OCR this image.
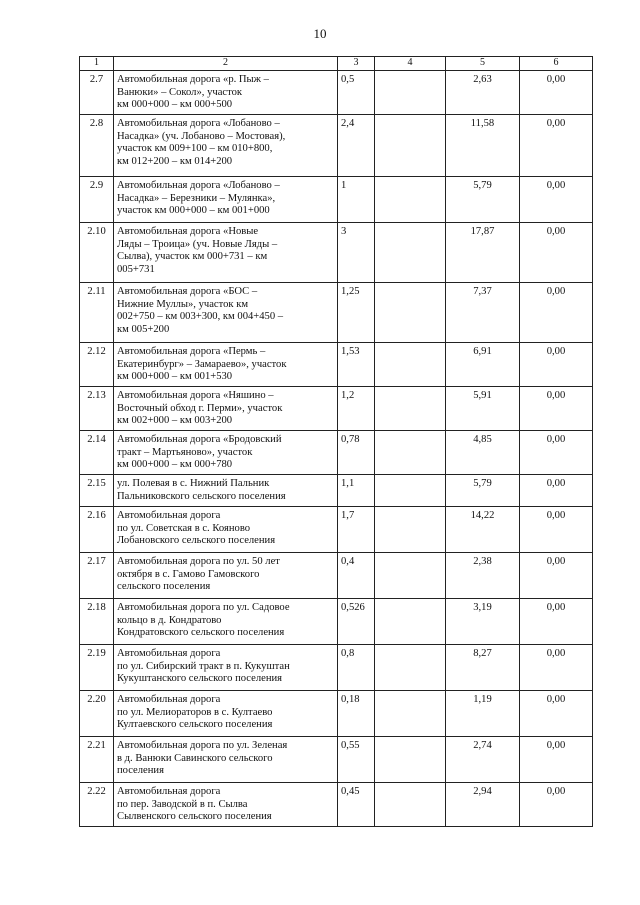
10
1	2	3	4	5	6
2.7	Автомобильная дорога «р. Пыж –
Ванюки» – Сокол», участок
км 000+000 – км 000+500	0,5		2,63	0,00
2.8	Автомобильная дорога «Лобаново –
Насадка» (уч. Лобаново – Мостовая),
участок км 009+100 – км 010+800,
км 012+200 – км 014+200	2,4		11,58	0,00
2.9	Автомобильная дорога «Лобаново –
Насадка» – Березники – Мулянка»,
участок км 000+000 – км 001+000	1		5,79	0,00
2.10	Автомобильная дорога «Новые
Ляды – Троица» (уч. Новые Ляды –
Сылва), участок км 000+731 – км
005+731	3		17,87	0,00
2.11	Автомобильная дорога «БОС –
Нижние Муллы», участок км
002+750 – км 003+300, км 004+450 –
км 005+200	1,25		7,37	0,00
2.12	Автомобильная дорога «Пермь –
Екатеринбург» – Замараево», участок
км 000+000 – км 001+530	1,53		6,91	0,00
2.13	Автомобильная дорога «Няшино –
Восточный обход г. Перми», участок
км 002+000 – км 003+200	1,2		5,91	0,00
2.14	Автомобильная дорога «Бродовский
тракт – Мартьяново», участок
км 000+000 – км 000+780	0,78		4,85	0,00
2.15	ул. Полевая в с. Нижний Пальник
Пальниковского сельского поселения	1,1		5,79	0,00
2.16	Автомобильная дорога
по ул. Советская в с. Кояново
Лобановского сельского поселения	1,7		14,22	0,00
2.17	Автомобильная дорога по ул. 50 лет
октября в с. Гамово Гамовского
сельского поселения	0,4		2,38	0,00
2.18	Автомобильная дорога по ул. Садовое
кольцо в д. Кондратово
Кондратовского сельского поселения	0,526		3,19	0,00
2.19	Автомобильная дорога
по ул. Сибирский тракт в п. Кукуштан
Кукуштанского сельского поселения	0,8		8,27	0,00
2.20	Автомобильная дорога
по ул. Мелиораторов в с. Култаево
Култаевского сельского поселения	0,18		1,19	0,00
2.21	Автомобильная дорога по ул. Зеленая
в д. Ванюки Савинского сельского
поселения	0,55		2,74	0,00
2.22	Автомобильная дорога
по пер. Заводской в п. Сылва
Сылвенского сельского поселения	0,45		2,94	0,00
